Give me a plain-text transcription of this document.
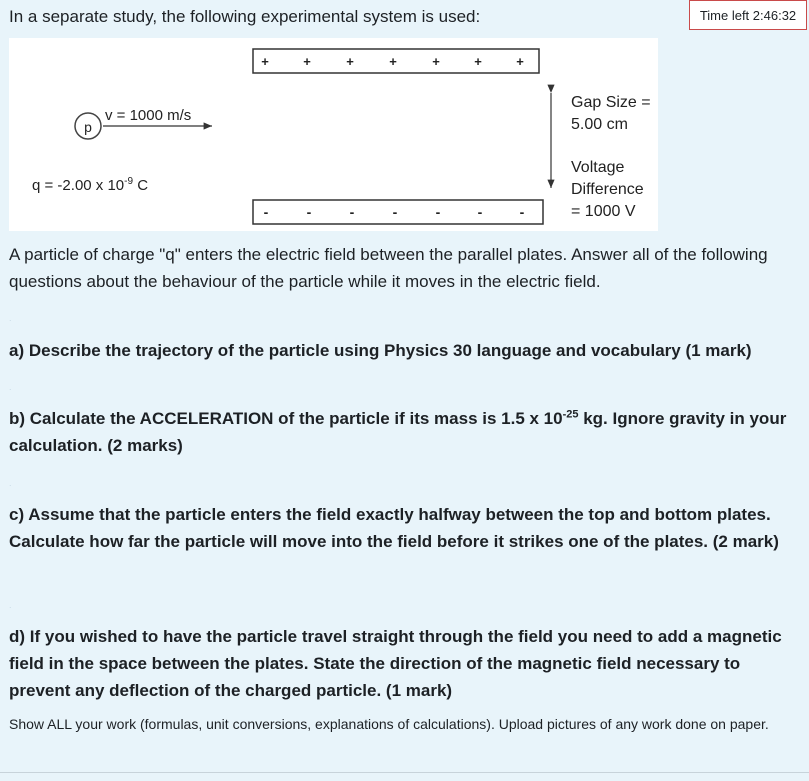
Time left 2:46:32

In a separate study, the following experimental system is used:

+	+	+	+	+	+	+
-	-	-	-	-	-	-
p
v = 1000 m/s
q = -2.00 x $10^{-9}$ C
Gap Size =
5.00 cm
Voltage
Difference
= 1000 V

A particle of charge "q" enters the electric field between the parallel plates. Answer all of the following questions about the behaviour of the particle while it moves in the electric field.

.

a) Describe the trajectory of the particle using Physics 30 language and vocabulary (1 mark)

.

b) Calculate the ACCELERATION of the particle if its mass is 1.5 x $10^{-25}$ kg. Ignore gravity in your calculation. (2 marks)

.

c) Assume that the particle enters the field exactly halfway between the top and bottom plates. Calculate how far the particle will move into the field before it strikes one of the plates. (2 mark)

.

d) If you wished to have the particle travel straight through the field you need to add a magnetic field in the space between the plates. State the direction of the magnetic field necessary to prevent any deflection of the charged particle. (1 mark)

Show ALL your work (formulas, unit conversions, explanations of calculations). Upload pictures of any work done on paper.
